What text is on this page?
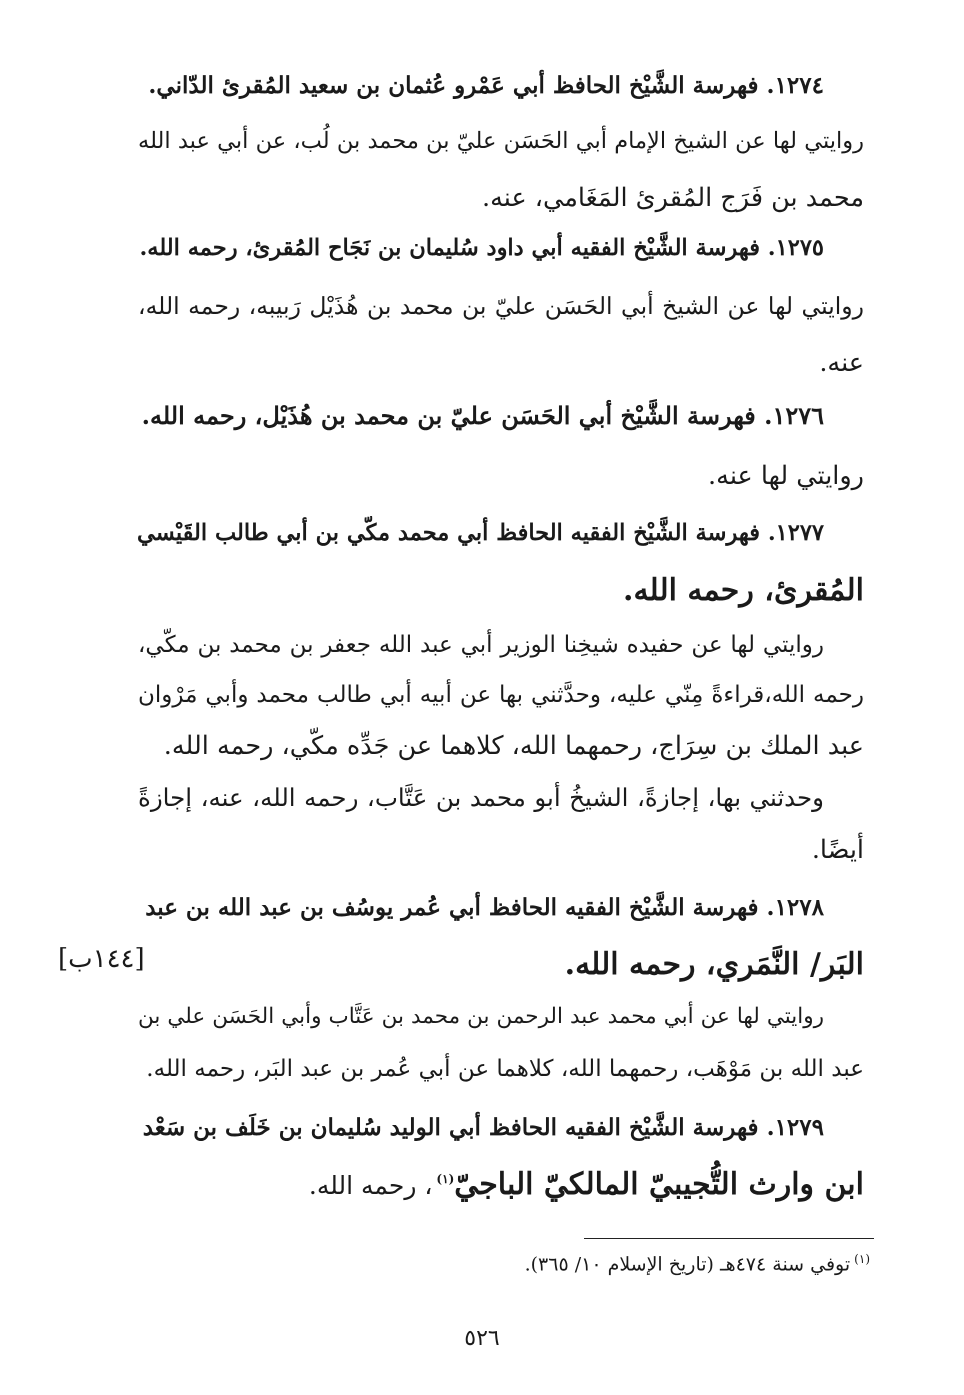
١٢٧٤. فهرسة الشَّيْخ الحافظ أبي عَمْرو عُثمان بن سعيد المُقرئ الدّاني.
روايتي لها عن الشيخ الإمام أبي الحَسَن عليّ بن محمد بن لُب، عن أبي عبد الله
محمد بن فَرَج المُقرئ المَغَامي، عنه.
١٢٧٥. فهرسة الشَّيْخ الفقيه أبي داود سُليمان بن نَجَاح المُقرئ، رحمه الله.
روايتي لها عن الشيخ أبي الحَسَن عليّ بن محمد بن هُذَيْل رَبيبه، رحمه الله،
عنه.
١٢٧٦. فهرسة الشَّيْخ أبي الحَسَن عليّ بن محمد بن هُذَيْل، رحمه الله.
روايتي لها عنه.
١٢٧٧. فهرسة الشَّيْخ الفقيه الحافظ أبي محمد مكّي بن أبي طالب القَيْسي
المُقرئ، رحمه الله.
روايتي لها عن حفيده شيخِنا الوزير أبي عبد الله جعفر بن محمد بن مكّي،
رحمه الله،قراءةً مِنّي عليه، وحدَّثني بها عن أبيه أبي طالب محمد وأبي مَرْوان
عبد الملك بن سِرَاج، رحمهما الله، كلاهما عن جَدِّه مكّي، رحمه الله.
وحدثني بها، إجازةً، الشيخُ أبو محمد بن عَتَّاب، رحمه الله، عنه، إجازةً
أيضًا.
١٢٧٨. فهرسة الشَّيْخ الفقيه الحافظ أبي عُمر يوسُف بن عبد الله بن عبد
البَر/ النَّمَري، رحمه الله.
روايتي لها عن أبي محمد عبد الرحمن بن محمد بن عَتَّاب وأبي الحَسَن علي بن
عبد الله بن مَوْهَب، رحمهما الله، كلاهما عن أبي عُمر بن عبد البَر، رحمه الله.
[١٤٤ب]
١٢٧٩. فهرسة الشَّيْخ الفقيه الحافظ أبي الوليد سُليمان بن خَلَف بن سَعْد
ابن وارث التُّجيبيّ المالكيّ الباجيّ$^{(١)}$، رحمه الله.
$^{(١)}$توفي سنة ٤٧٤هـ (تاريخ الإسلام ١٠/ ٣٦٥).
٥٢٦
